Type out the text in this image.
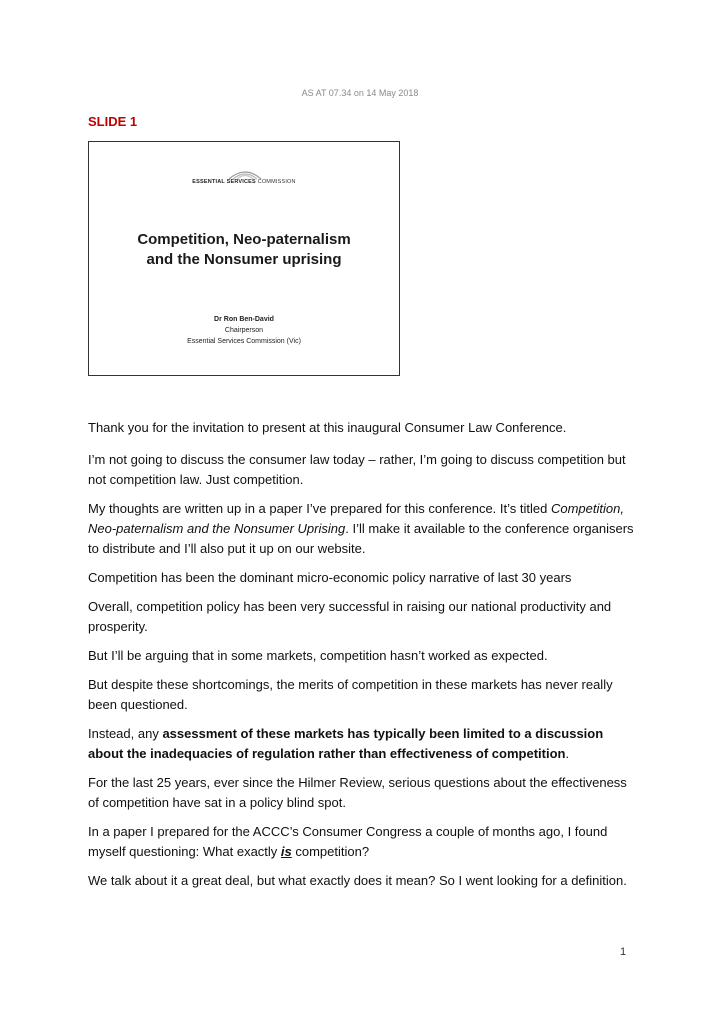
AS AT 07.34 on 14 May 2018
SLIDE 1
ESSENTIAL SERVICES COMMISSION
Competition, Neo-paternalism
and the Nonsumer uprising
Dr Ron Ben-David
Chairperson
Essential Services Commission (Vic)

Thank you for the invitation to present at this inaugural Consumer Law Conference.

I’m not going to discuss the consumer law today – rather, I’m going to discuss competition but not competition law. Just competition.

My thoughts are written up in a paper I’ve prepared for this conference. It’s titled Competition, Neo-paternalism and the Nonsumer Uprising. I’ll make it available to the conference organisers to distribute and I’ll also put it up on our website.

Competition has been the dominant micro-economic policy narrative of last 30 years

Overall, competition policy has been very successful in raising our national productivity and prosperity.

But I’ll be arguing that in some markets, competition hasn’t worked as expected.

But despite these shortcomings, the merits of competition in these markets has never really been questioned.

Instead, any assessment of these markets has typically been limited to a discussion about the inadequacies of regulation rather than effectiveness of competition.

For the last 25 years, ever since the Hilmer Review, serious questions about the effectiveness of competition have sat in a policy blind spot.

In a paper I prepared for the ACCC’s Consumer Congress a couple of months ago, I found myself questioning: What exactly is competition?

We talk about it a great deal, but what exactly does it mean? So I went looking for a definition.

1
